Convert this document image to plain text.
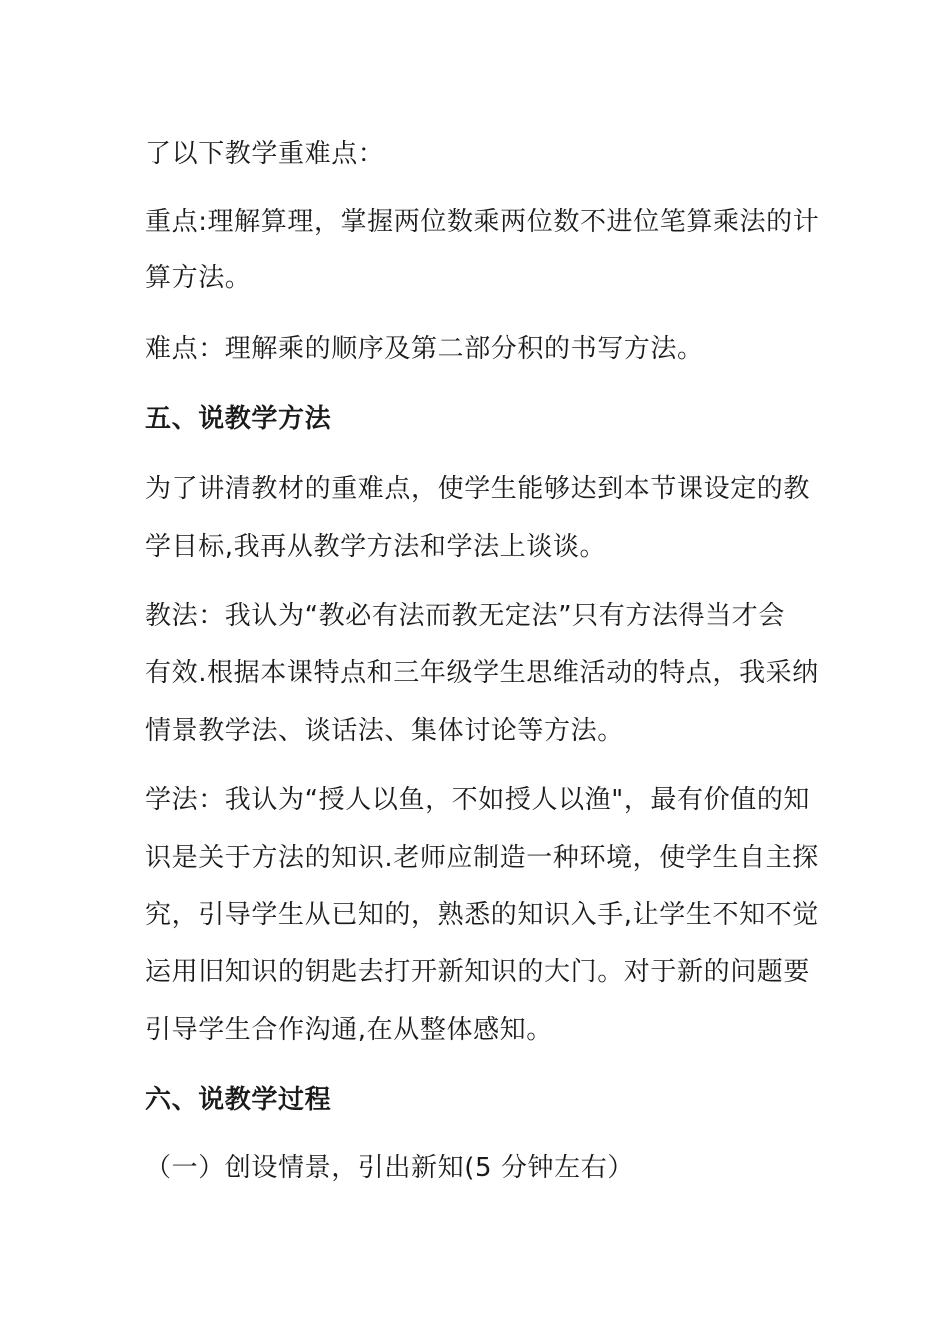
了以下教学重难点：
重点:理解算理，掌握两位数乘两位数不进位笔算乘法的计
算方法。
难点：理解乘的顺序及第二部分积的书写方法。
五、说教学方法
为了讲清教材的重难点，使学生能够达到本节课设定的教
学目标,我再从教学方法和学法上谈谈。
教法：我认为“教必有法而教无定法”只有方法得当才会
有效.根据本课特点和三年级学生思维活动的特点，我采纳
情景教学法、谈话法、集体讨论等方法。
学法：我认为“授人以鱼，不如授人以渔"，最有价值的知
识是关于方法的知识.老师应制造一种环境，使学生自主探
究，引导学生从已知的，熟悉的知识入手,让学生不知不觉
运用旧知识的钥匙去打开新知识的大门。对于新的问题要
引导学生合作沟通,在从整体感知。
六、说教学过程
（一）创设情景，引出新知(5 分钟左右）
